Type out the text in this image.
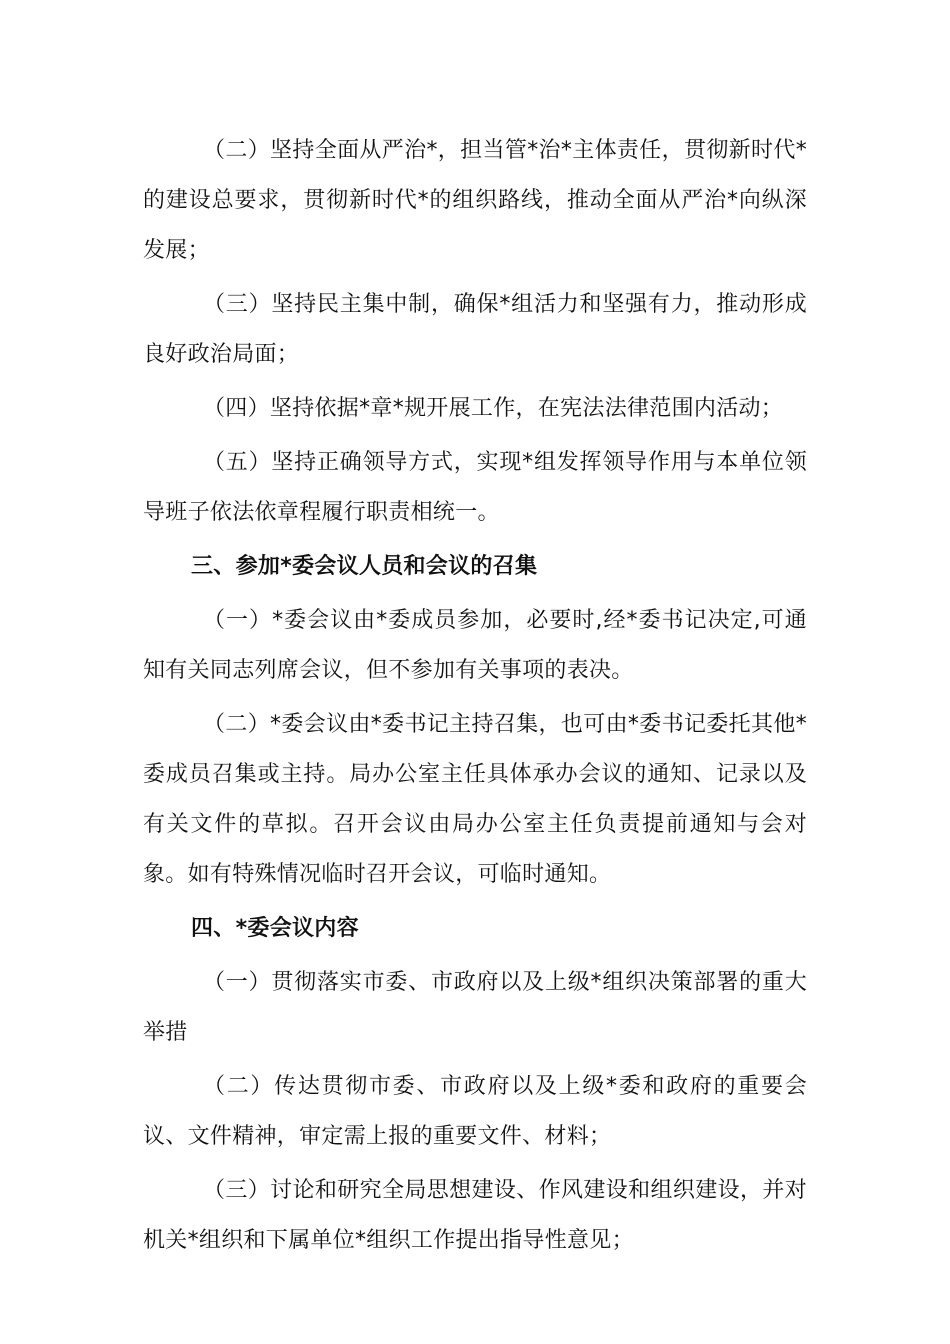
（二）坚持全面从严治*，担当管*治*主体责任，贯彻新时代*的建设总要求，贯彻新时代*的组织路线，推动全面从严治*向纵深发展；

（三）坚持民主集中制，确保*组活力和坚强有力，推动形成良好政治局面；

（四）坚持依据*章*规开展工作，在宪法法律范围内活动；

（五）坚持正确领导方式，实现*组发挥领导作用与本单位领导班子依法依章程履行职责相统一。

三、参加*委会议人员和会议的召集

（一）*委会议由*委成员参加，必要时,经*委书记决定,可通知有关同志列席会议，但不参加有关事项的表决。

（二）*委会议由*委书记主持召集，也可由*委书记委托其他*委成员召集或主持。局办公室主任具体承办会议的通知、记录以及有关文件的草拟。召开会议由局办公室主任负责提前通知与会对象。如有特殊情况临时召开会议，可临时通知。

四、*委会议内容

（一）贯彻落实市委、市政府以及上级*组织决策部署的重大举措

（二）传达贯彻市委、市政府以及上级*委和政府的重要会议、文件精神，审定需上报的重要文件、材料；

（三）讨论和研究全局思想建设、作风建设和组织建设，并对机关*组织和下属单位*组织工作提出指导性意见；
